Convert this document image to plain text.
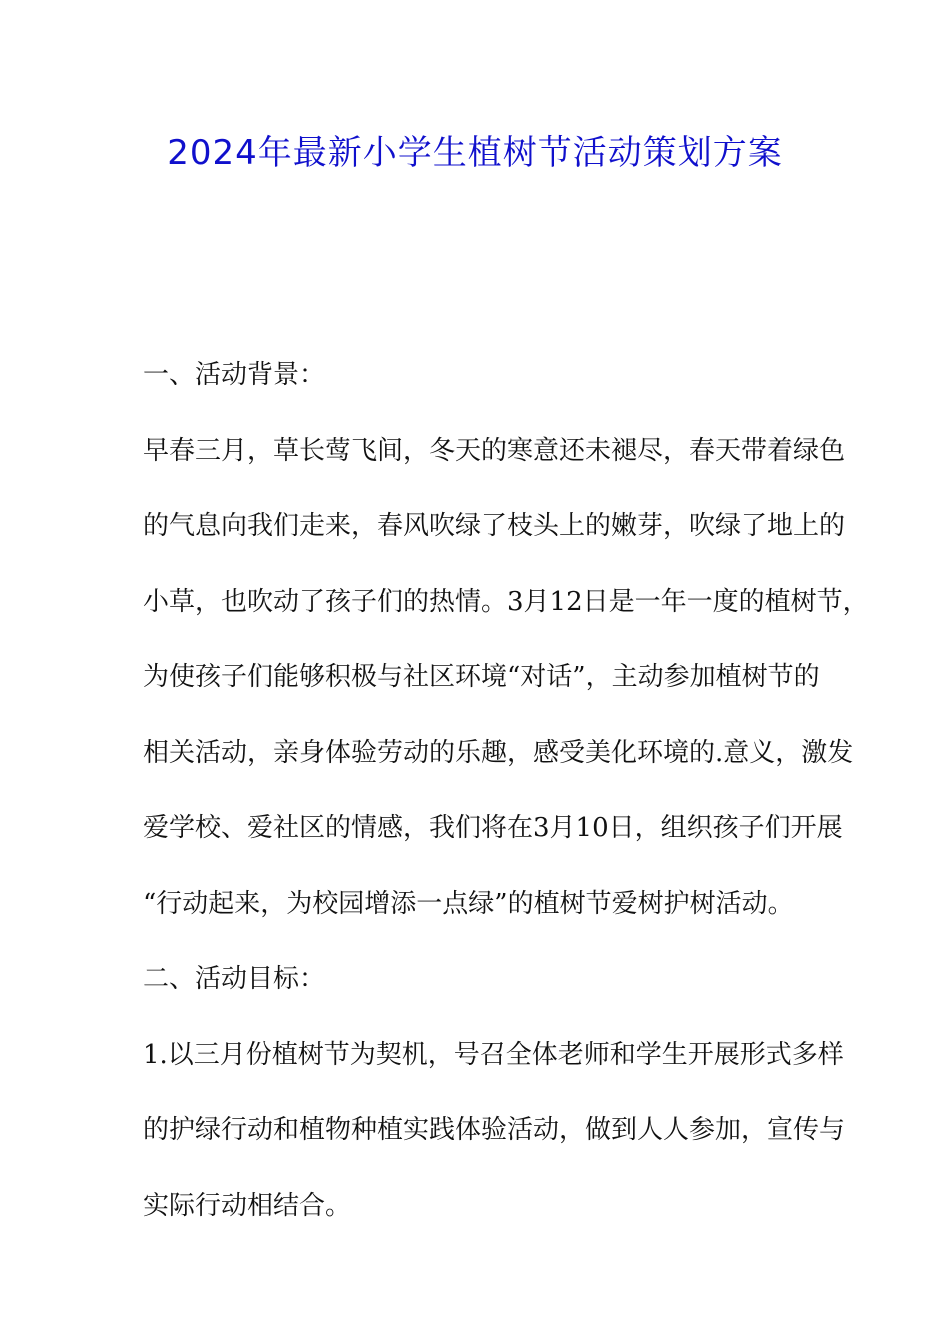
2024年最新小学生植树节活动策划方案
一、活动背景：
早春三月，草长莺飞间，冬天的寒意还未褪尽，春天带着绿色
的气息向我们走来，春风吹绿了枝头上的嫩芽，吹绿了地上的
小草，也吹动了孩子们的热情。3月12日是一年一度的植树节，
为使孩子们能够积极与社区环境“对话”，主动参加植树节的
相关活动，亲身体验劳动的乐趣，感受美化环境的.意义，激发
爱学校、爱社区的情感，我们将在3月10日，组织孩子们开展
“行动起来，为校园增添一点绿”的植树节爱树护树活动。
二、活动目标：
1.以三月份植树节为契机，号召全体老师和学生开展形式多样
的护绿行动和植物种植实践体验活动，做到人人参加，宣传与
实际行动相结合。
